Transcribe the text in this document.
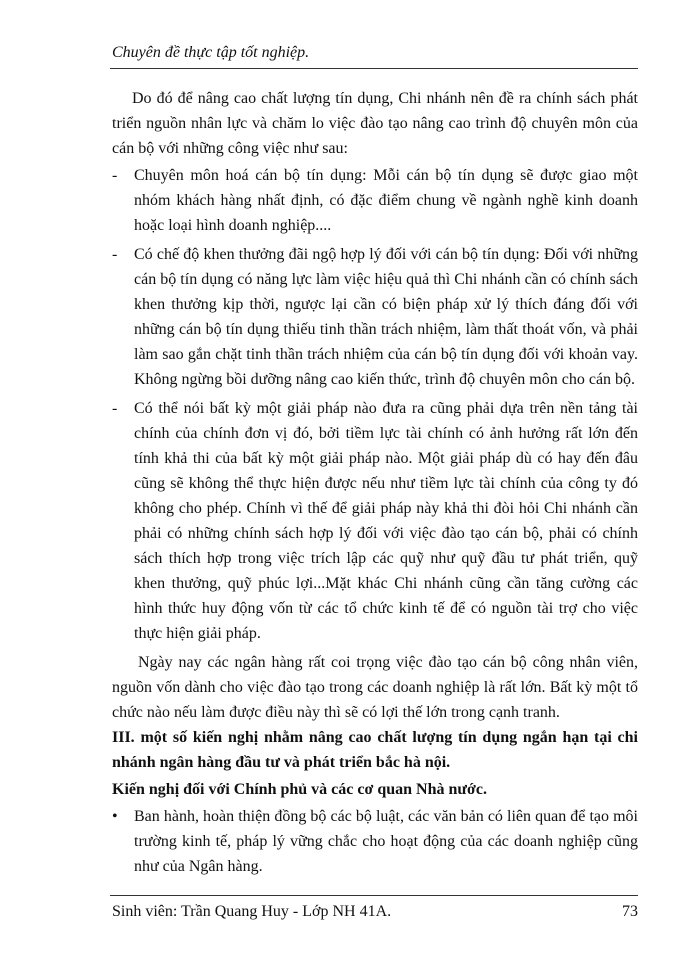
Chuyên đề thực tập tốt nghiệp.

Do đó để nâng cao chất lượng tín dụng, Chi nhánh nên đề ra chính sách phát triển nguồn nhân lực và chăm lo việc đào tạo nâng cao trình độ chuyên môn của cán bộ với những công việc như sau:

- Chuyên môn hoá cán bộ tín dụng: Mỗi cán bộ tín dụng sẽ được giao một nhóm khách hàng nhất định, có đặc điểm chung về ngành nghề kinh doanh hoặc loại hình doanh nghiệp....

- Có chế độ khen thưởng đãi ngộ hợp lý đối với cán bộ tín dụng: Đối với những cán bộ tín dụng có năng lực làm việc hiệu quả thì Chi nhánh cần có chính sách khen thưởng kịp thời, ngược lại cần có biện pháp xử lý thích đáng đối với những cán bộ tín dụng thiếu tinh thần trách nhiệm, làm thất thoát vốn, và phải làm sao gắn chặt tinh thần trách nhiệm của cán bộ tín dụng đối với khoản vay. Không ngừng bồi dưỡng nâng cao kiến thức, trình độ chuyên môn cho cán bộ.

- Có thể nói bất kỳ một giải pháp nào đưa ra cũng phải dựa trên nền tảng tài chính của chính đơn vị đó, bởi tiềm lực tài chính có ảnh hưởng rất lớn đến tính khả thi của bất kỳ một giải pháp nào. Một giải pháp dù có hay đến đâu cũng sẽ không thể thực hiện được nếu như tiềm lực tài chính của công ty đó không cho phép. Chính vì thế để giải pháp này khả thi đòi hỏi Chi nhánh cần phải có những chính sách hợp lý đối với việc đào tạo cán bộ, phải có chính sách thích hợp trong việc trích lập các quỹ như quỹ đầu tư phát triển, quỹ khen thưởng, quỹ phúc lợi...Mặt khác Chi nhánh cũng cần tăng cường các hình thức huy động vốn từ các tổ chức kinh tế để có nguồn tài trợ cho việc thực hiện giải pháp.

Ngày nay các ngân hàng rất coi trọng việc đào tạo cán bộ công nhân viên, nguồn vốn dành cho việc đào tạo trong các doanh nghiệp là rất lớn. Bất kỳ một tổ chức nào nếu làm được điều này thì sẽ có lợi thế lớn trong cạnh tranh.

III. một số kiến nghị nhằm nâng cao chất lượng tín dụng ngắn hạn tại chi nhánh ngân hàng đầu tư và phát triển bắc hà nội.

Kiến nghị đối với Chính phủ và các cơ quan Nhà nước.

• Ban hành, hoàn thiện đồng bộ các bộ luật, các văn bản có liên quan để tạo môi trường kinh tế, pháp lý vững chắc cho hoạt động của các doanh nghiệp cũng như của Ngân hàng.

Sinh viên: Trần Quang Huy - Lớp NH 41A.	73
